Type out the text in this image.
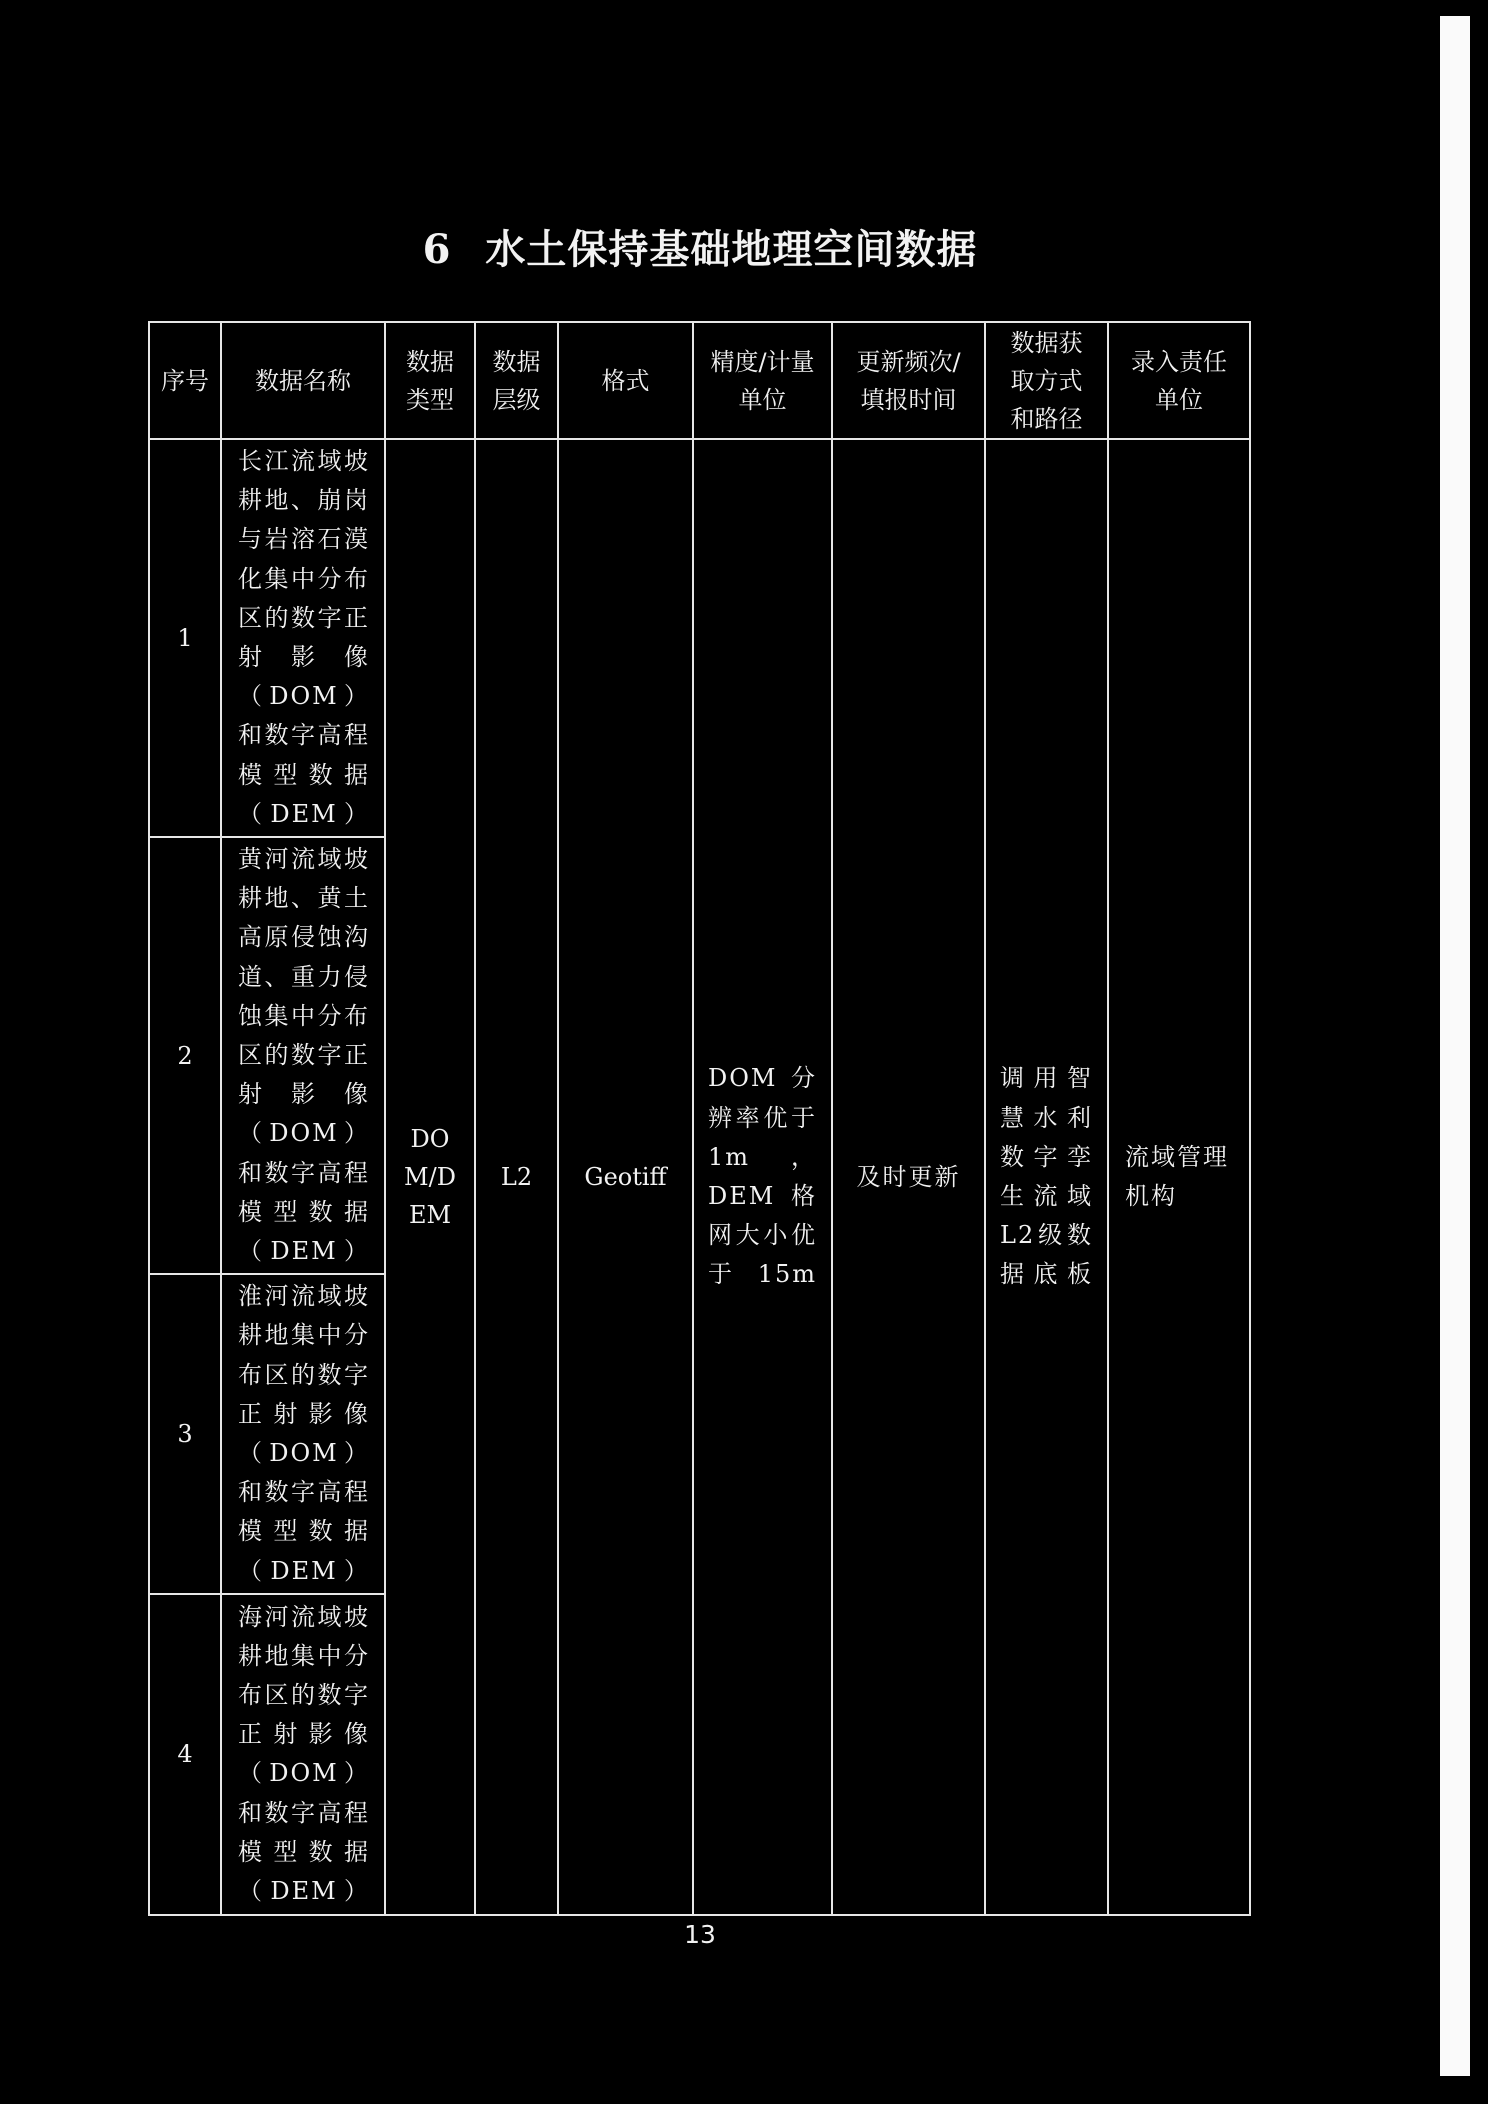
6 水土保持基础地理空间数据
序号	数据名称	数据类型	数据层级	格式	精度/计量单位	更新频次/填报时间	数据获取方式和路径	录入责任单位

1	长江流域坡耕地、崩岗与岩溶石漠化集中分布区的数字正射影像（DOM）和数字高程模型数据（DEM）	DOM/DEM	L2	Geotiff	DOM 分辨率优于1m，DEM格网大小优于 15m	及时更新	调用智慧水利数字孪生流域L2级数据底板	流域管理机构
2	黄河流域坡耕地、黄土高原侵蚀沟道、重力侵蚀集中分布区的数字正射影像（DOM）和数字高程模型数据（DEM）							
3	淮河流域坡耕地集中分布区的数字正射影像（DOM）和数字高程模型数据（DEM）							
4	海河流域坡耕地集中分布区的数字正射影像（DOM）和数字高程模型数据（DEM）							
13
